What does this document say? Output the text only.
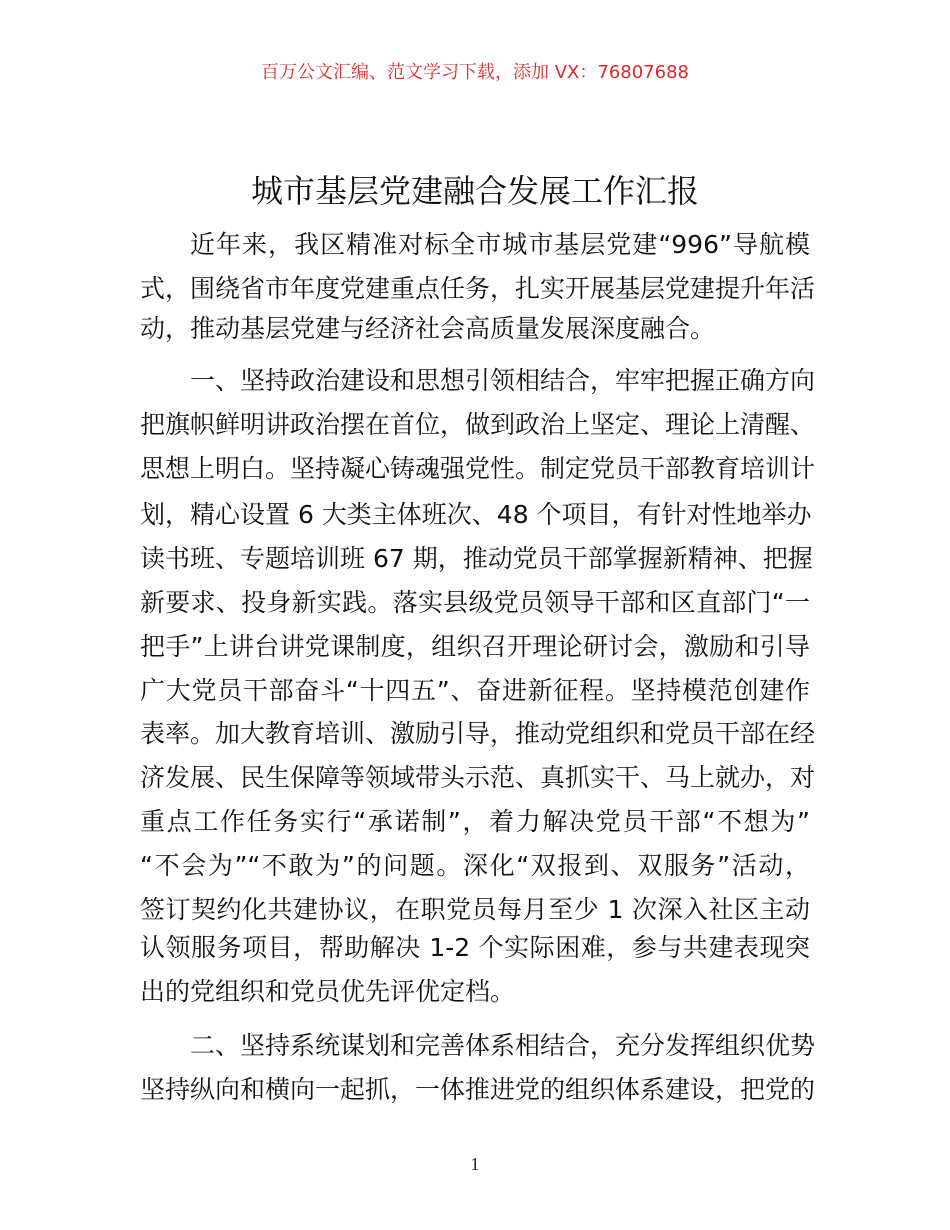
百万公文汇编、范文学习下载，添加 VX：76807688
城市基层党建融合发展工作汇报
近年来，我区精准对标全市城市基层党建“996”导航模
式，围绕省市年度党建重点任务，扎实开展基层党建提升年活
动，推动基层党建与经济社会高质量发展深度融合。
一、坚持政治建设和思想引领相结合，牢牢把握正确方向
把旗帜鲜明讲政治摆在首位，做到政治上坚定、理论上清醒、
思想上明白。坚持凝心铸魂强党性。制定党员干部教育培训计
划，精心设置 6 大类主体班次、48 个项目，有针对性地举办
读书班、专题培训班 67 期，推动党员干部掌握新精神、把握
新要求、投身新实践。落实县级党员领导干部和区直部门“一
把手”上讲台讲党课制度，组织召开理论研讨会，激励和引导
广大党员干部奋斗“十四五”、奋进新征程。坚持模范创建作
表率。加大教育培训、激励引导，推动党组织和党员干部在经
济发展、民生保障等领域带头示范、真抓实干、马上就办，对
重点工作任务实行“承诺制”，着力解决党员干部“不想为”
“不会为”“不敢为”的问题。深化“双报到、双服务”活动，
签订契约化共建协议，在职党员每月至少 1 次深入社区主动
认领服务项目，帮助解决 1-2 个实际困难，参与共建表现突
出的党组织和党员优先评优定档。
二、坚持系统谋划和完善体系相结合，充分发挥组织优势
坚持纵向和横向一起抓，一体推进党的组织体系建设，把党的
1
